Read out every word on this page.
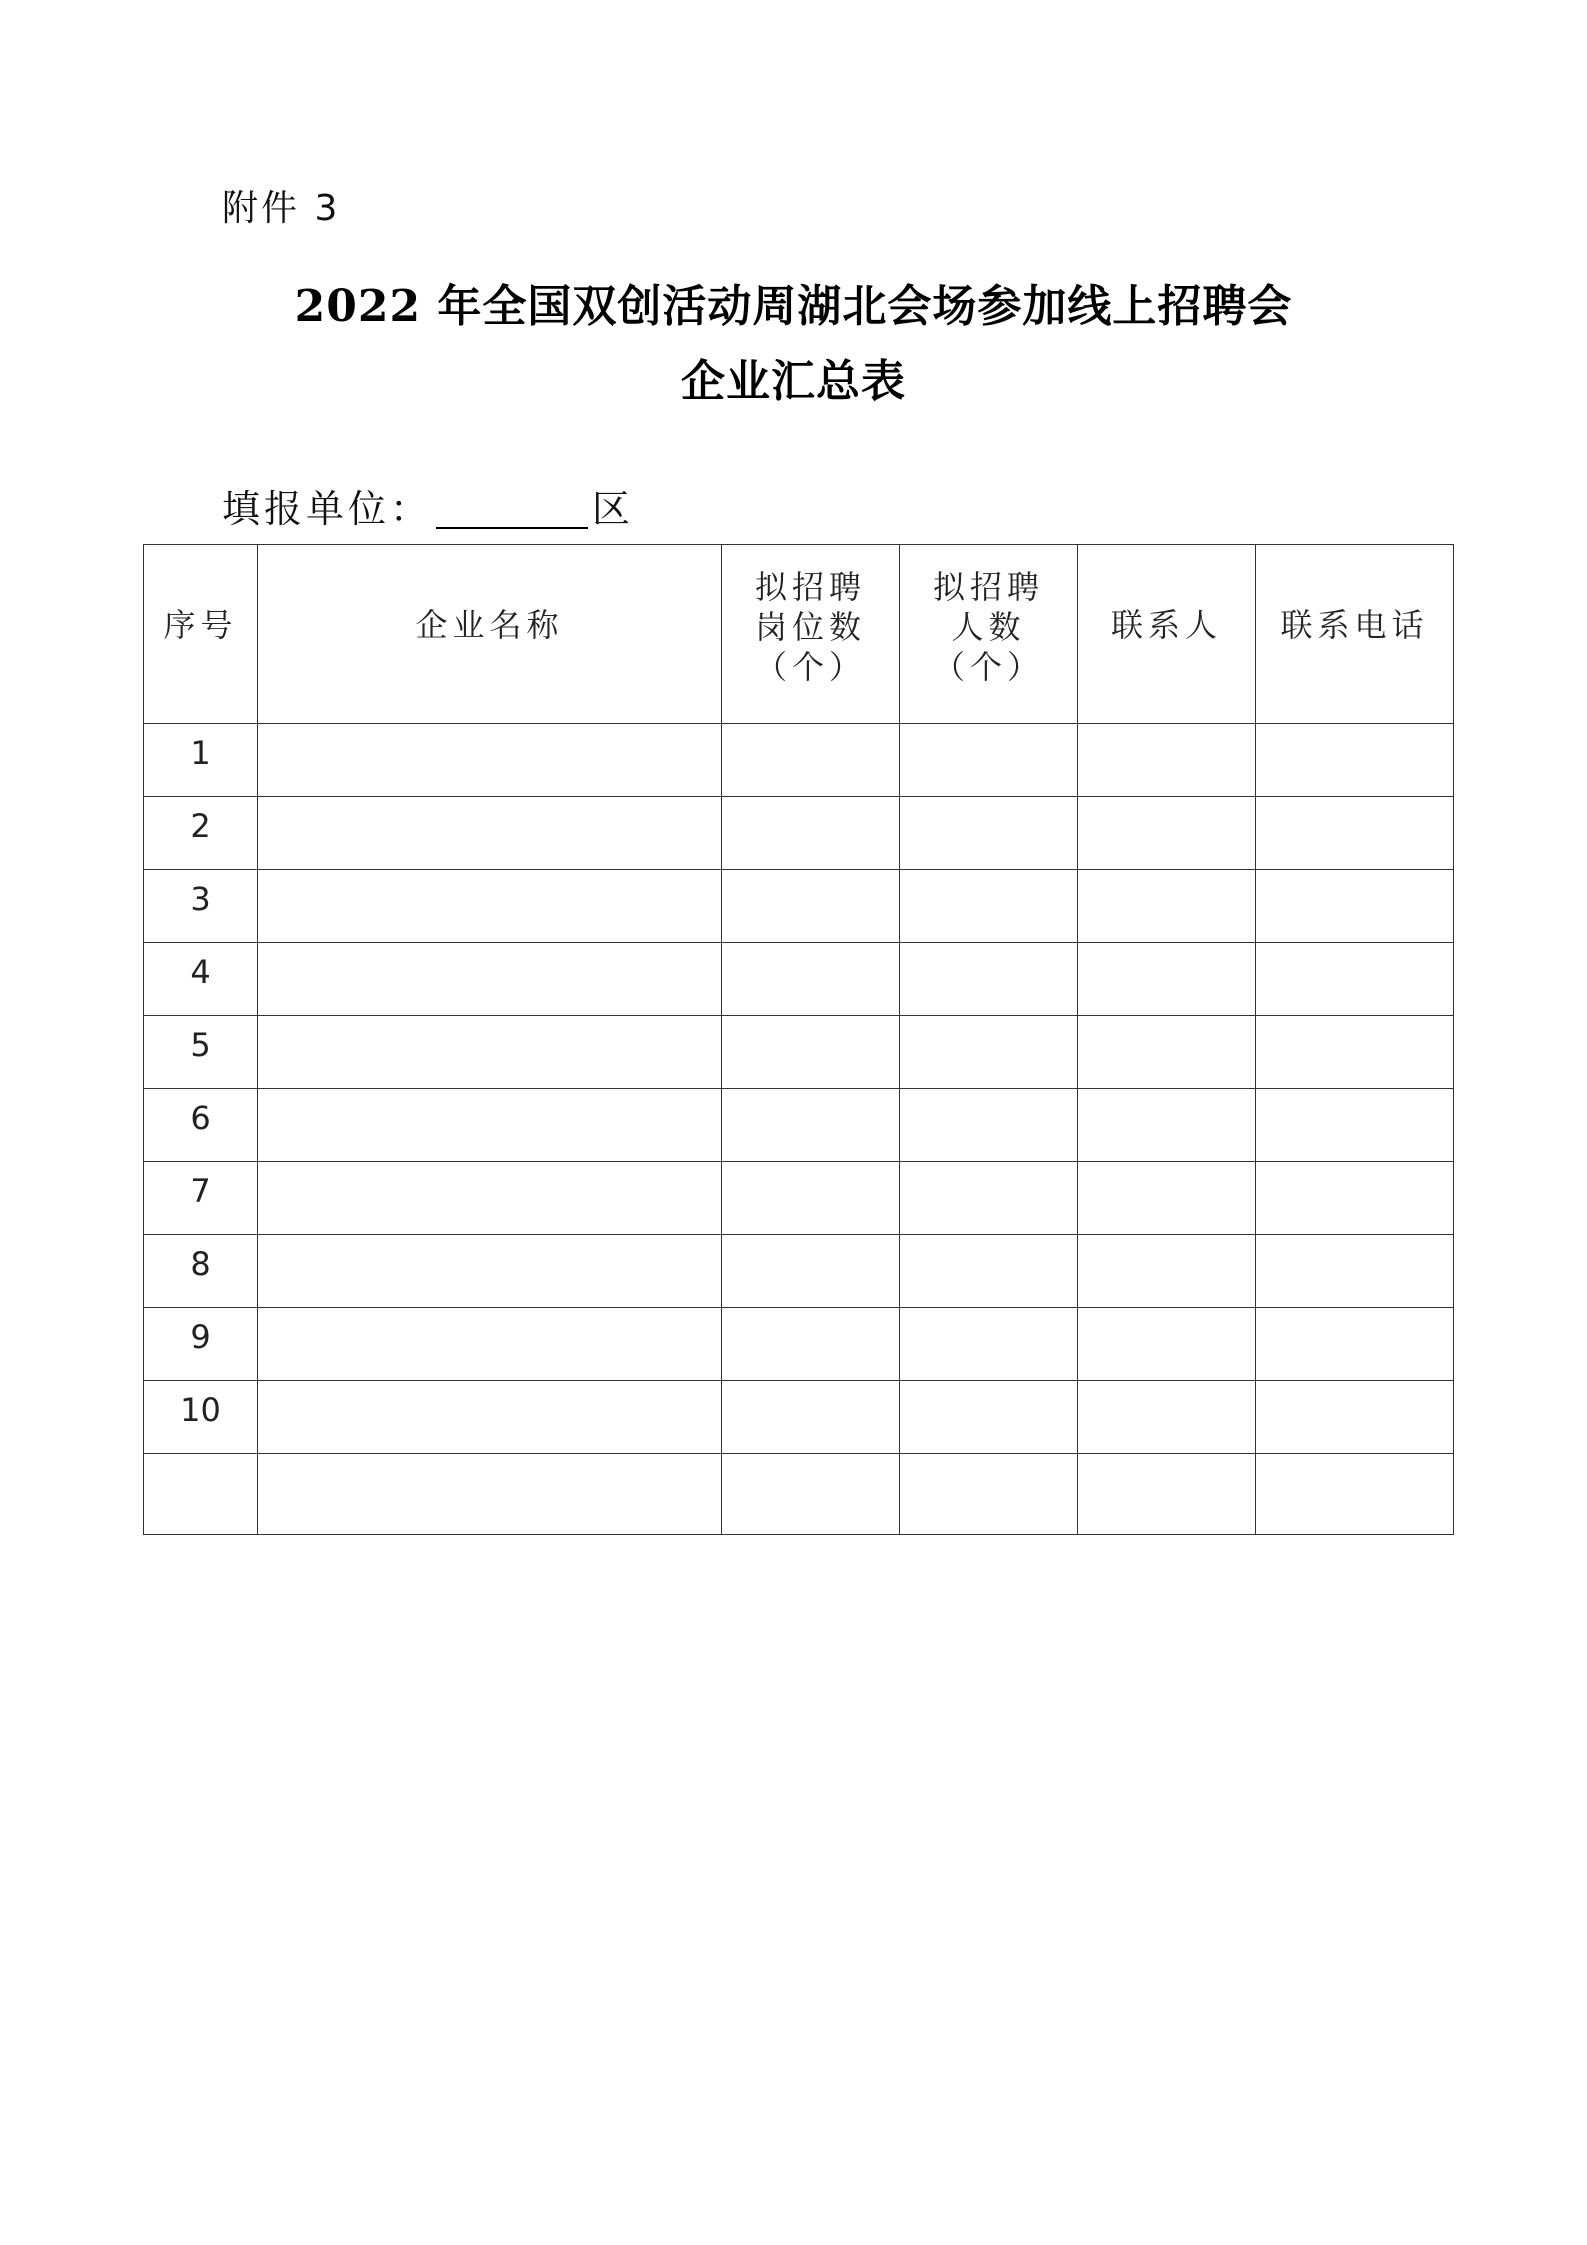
附件 3
2022 年全国双创活动周湖北会场参加线上招聘会
企业汇总表
填报单位：	区
序号	企业名称	拟招聘
岗位数
（个）	拟招聘
人数
（个）	联系人	联系电话

1					

2					

3					

4					

5					

6					

7					

8					

9					

10					
